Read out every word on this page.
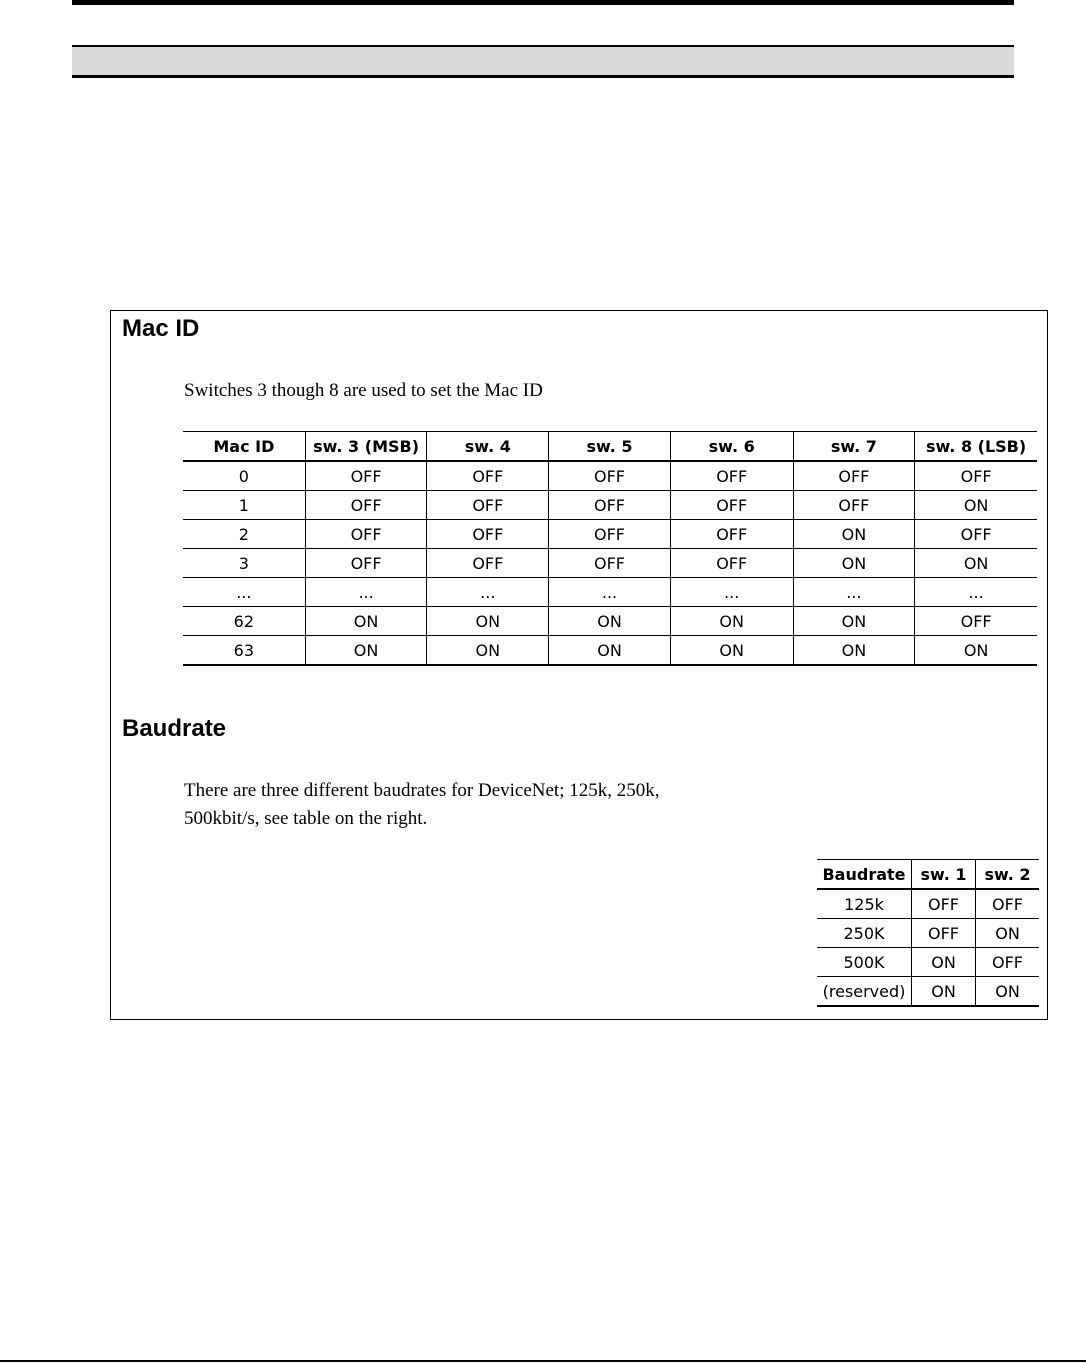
Mac ID

Switches 3 though 8 are used to set the Mac ID

Mac ID	sw. 3 (MSB)	sw. 4	sw. 5	sw. 6	sw. 7	sw. 8 (LSB)
0	OFF	OFF	OFF	OFF	OFF	OFF
1	OFF	OFF	OFF	OFF	OFF	ON
2	OFF	OFF	OFF	OFF	ON	OFF
3	OFF	OFF	OFF	OFF	ON	ON
...	...	...	...	...	...	...
62	ON	ON	ON	ON	ON	OFF
63	ON	ON	ON	ON	ON	ON
Baudrate

There are three different baudrates for DeviceNet; 125k, 250k, 500kbit/s, see table on the right.

Baudrate	sw. 1	sw. 2
125k	OFF	OFF
250K	OFF	ON
500K	ON	OFF
(reserved)	ON	ON
